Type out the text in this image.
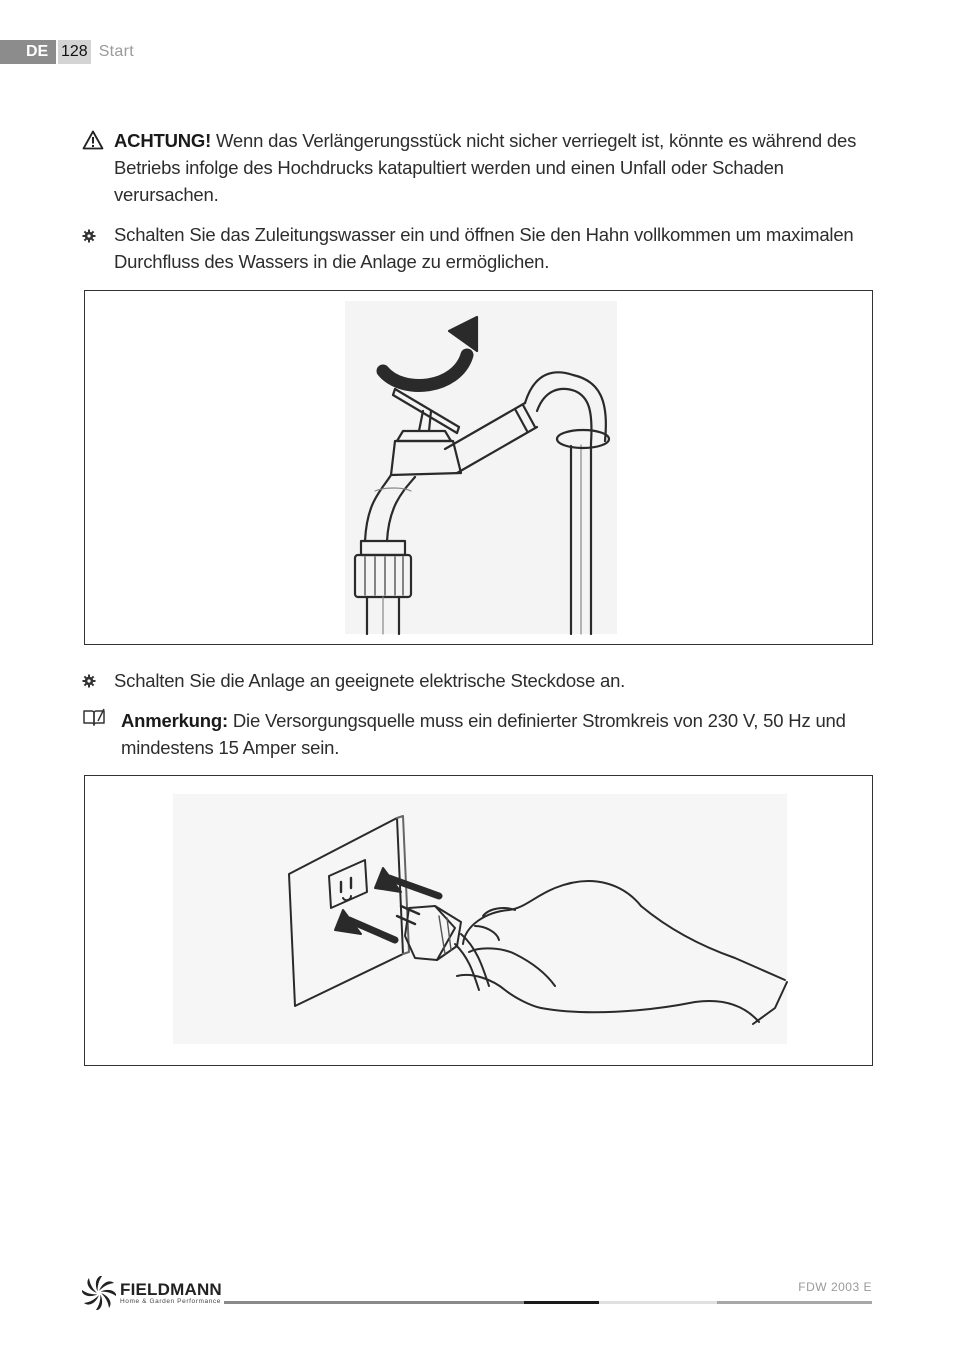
DE 128 Start
ACHTUNG! Wenn das Verlängerungsstück nicht sicher verriegelt ist, könnte es während des Betriebs infolge des Hochdrucks katapultiert werden und einen Unfall oder Schaden verursachen.
Schalten Sie das Zuleitungswasser ein und öffnen Sie den Hahn vollkommen um maximalen Durchfluss des Wassers in die Anlage zu ermöglichen.
Schalten Sie die Anlage an geeignete elektrische Steckdose an.
Anmerkung: Die Versorgungsquelle muss ein definierter Stromkreis von 230 V, 50 Hz und mindestens 15 Amper sein.
FIELDMANN
Home & Garden Performance
FDW 2003 E
